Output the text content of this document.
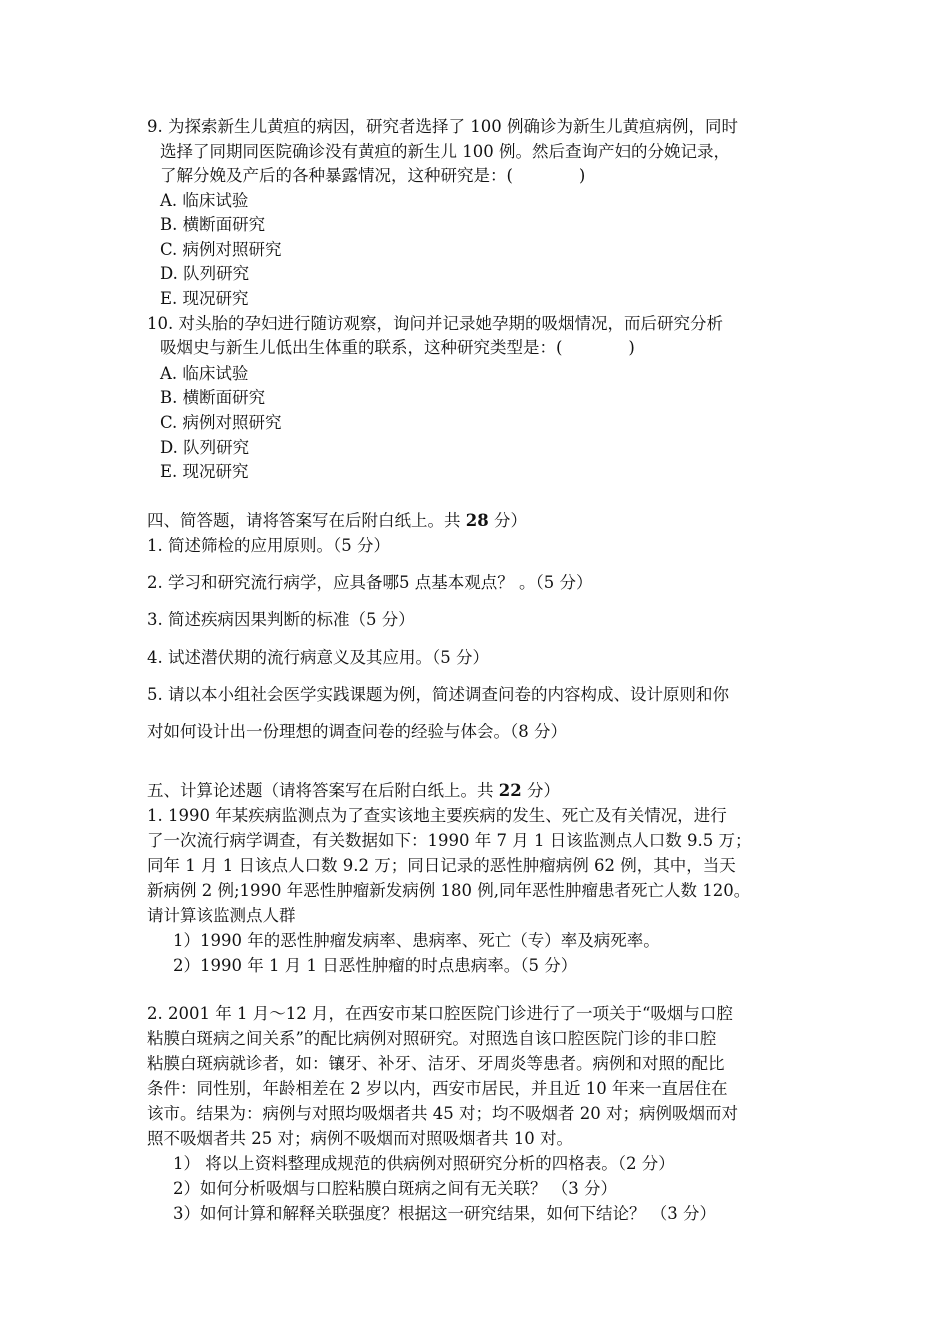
9. 为探索新生儿黄疸的病因，研究者选择了 100 例确诊为新生儿黄疸病例，同时
选择了同期同医院确诊没有黄疸的新生儿 100 例。然后查询产妇的分娩记录，
了解分娩及产后的各种暴露情况，这种研究是：(　　　　)
A. 临床试验
B. 横断面研究
C. 病例对照研究
D. 队列研究
E. 现况研究
10. 对头胎的孕妇进行随访观察，询问并记录她孕期的吸烟情况，而后研究分析
吸烟史与新生儿低出生体重的联系，这种研究类型是：(　　　　)
A. 临床试验
B. 横断面研究
C. 病例对照研究
D. 队列研究
E. 现况研究
四、简答题，请将答案写在后附白纸上。共 28 分）
1. 简述筛检的应用原则。（5 分）
2. 学习和研究流行病学，应具备哪5 点基本观点？ 。（5 分）
3. 简述疾病因果判断的标准（5 分）
4. 试述潜伏期的流行病意义及其应用。（5 分）
5. 请以本小组社会医学实践课题为例，简述调查问卷的内容构成、设计原则和你
对如何设计出一份理想的调查问卷的经验与体会。（8 分）
五、计算论述题（请将答案写在后附白纸上。共 22 分）
1. 1990 年某疾病监测点为了查实该地主要疾病的发生、死亡及有关情况，进行
了一次流行病学调查，有关数据如下：1990 年 7 月 1 日该监测点人口数 9.5 万；
同年 1 月 1 日该点人口数 9.2 万；同日记录的恶性肿瘤病例 62 例，其中，当天
新病例 2 例;1990 年恶性肿瘤新发病例 180 例,同年恶性肿瘤患者死亡人数 120。
请计算该监测点人群
1）1990 年的恶性肿瘤发病率、患病率、死亡（专）率及病死率。
2）1990 年 1 月 1 日恶性肿瘤的时点患病率。（5 分）
2. 2001 年 1 月～12 月，在西安市某口腔医院门诊进行了一项关于“吸烟与口腔
粘膜白斑病之间关系”的配比病例对照研究。对照选自该口腔医院门诊的非口腔
粘膜白斑病就诊者，如：镶牙、补牙、洁牙、牙周炎等患者。病例和对照的配比
条件：同性别，年龄相差在 2 岁以内，西安市居民，并且近 10 年来一直居住在
该市。结果为：病例与对照均吸烟者共 45 对；均不吸烟者 20 对；病例吸烟而对
照不吸烟者共 25 对；病例不吸烟而对照吸烟者共 10 对。
1） 将以上资料整理成规范的供病例对照研究分析的四格表。（2 分）
2）如何分析吸烟与口腔粘膜白斑病之间有无关联？ （3 分）
3）如何计算和解释关联强度？根据这一研究结果，如何下结论？ （3 分）
